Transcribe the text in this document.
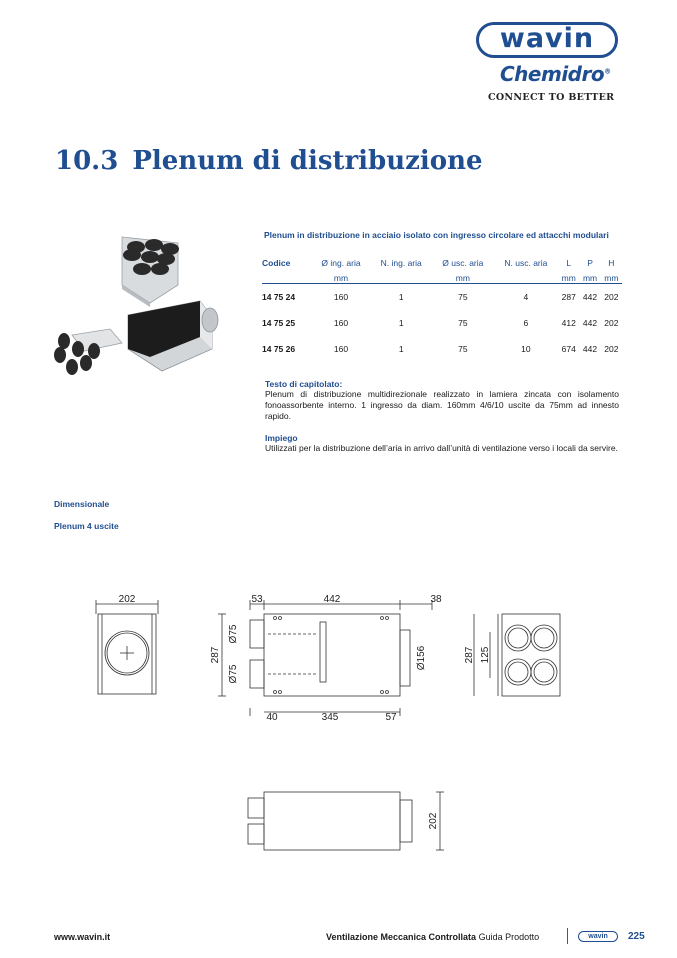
wavin
Chemidro®
CONNECT TO BETTER
10.3 Plenum di distribuzione
Plenum in distribuzione in acciaio isolato con ingresso circolare ed attacchi modulari
Codice	Ø ing. aria	N. ing. aria	Ø usc. aria	N. usc. aria	L	P	H
	mm		mm		mm	mm	mm
14 75 24	160	1	75	4	287	442	202
14 75 25	160	1	75	6	412	442	202
14 75 26	160	1	75	10	674	442	202
Testo di capitolato:
Plenum di distribuzione multidirezionale realizzato in lamiera zincata con isolamento fonoassorbente interno. 1 ingresso da diam. 160mm 4/6/10 uscite da 75mm ad innesto rapido.
Impiego
Utilizzati per la distribuzione dell’aria in arrivo dall’unità di ventilazione verso i locali da servire.
Dimensionale
Plenum 4 uscite
202	53	442	38
287
Ø75
Ø75
Ø156
40	345	57
287 125
202
www.wavin.it	Ventilazione Meccanica Controllata Guida Prodotto	wavin 225
